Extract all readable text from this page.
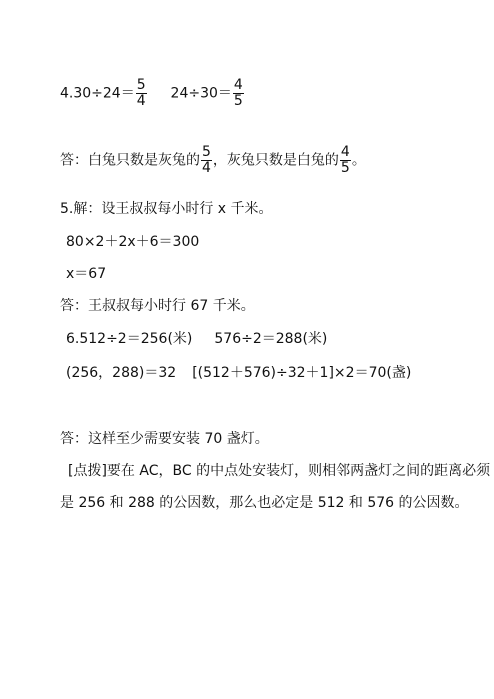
$4.30\div 24= \frac{5}{4} 24\div 30= \frac{4}{5}$
答：白兔只数是灰兔的 $\frac{5}{4}$ ，灰兔只数是白兔的 $\frac{4}{5}$ 。
5.解：设王叔叔每小时行 x 千米。
80×2＋2x＋6＝300
x＝67
答：王叔叔每小时行 67 千米。
6.512÷2＝256(米) 576÷2＝288(米)
(256，288)＝32 [(512＋576)÷32＋1]×2＝70(盏)
答：这样至少需要安装 70 盏灯。
[点拨]要在 AC，BC 的中点处安装灯，则相邻两盏灯之间的距离必须是 256 和 288 的公因数，那么也必定是 512 和 576 的公因数。
